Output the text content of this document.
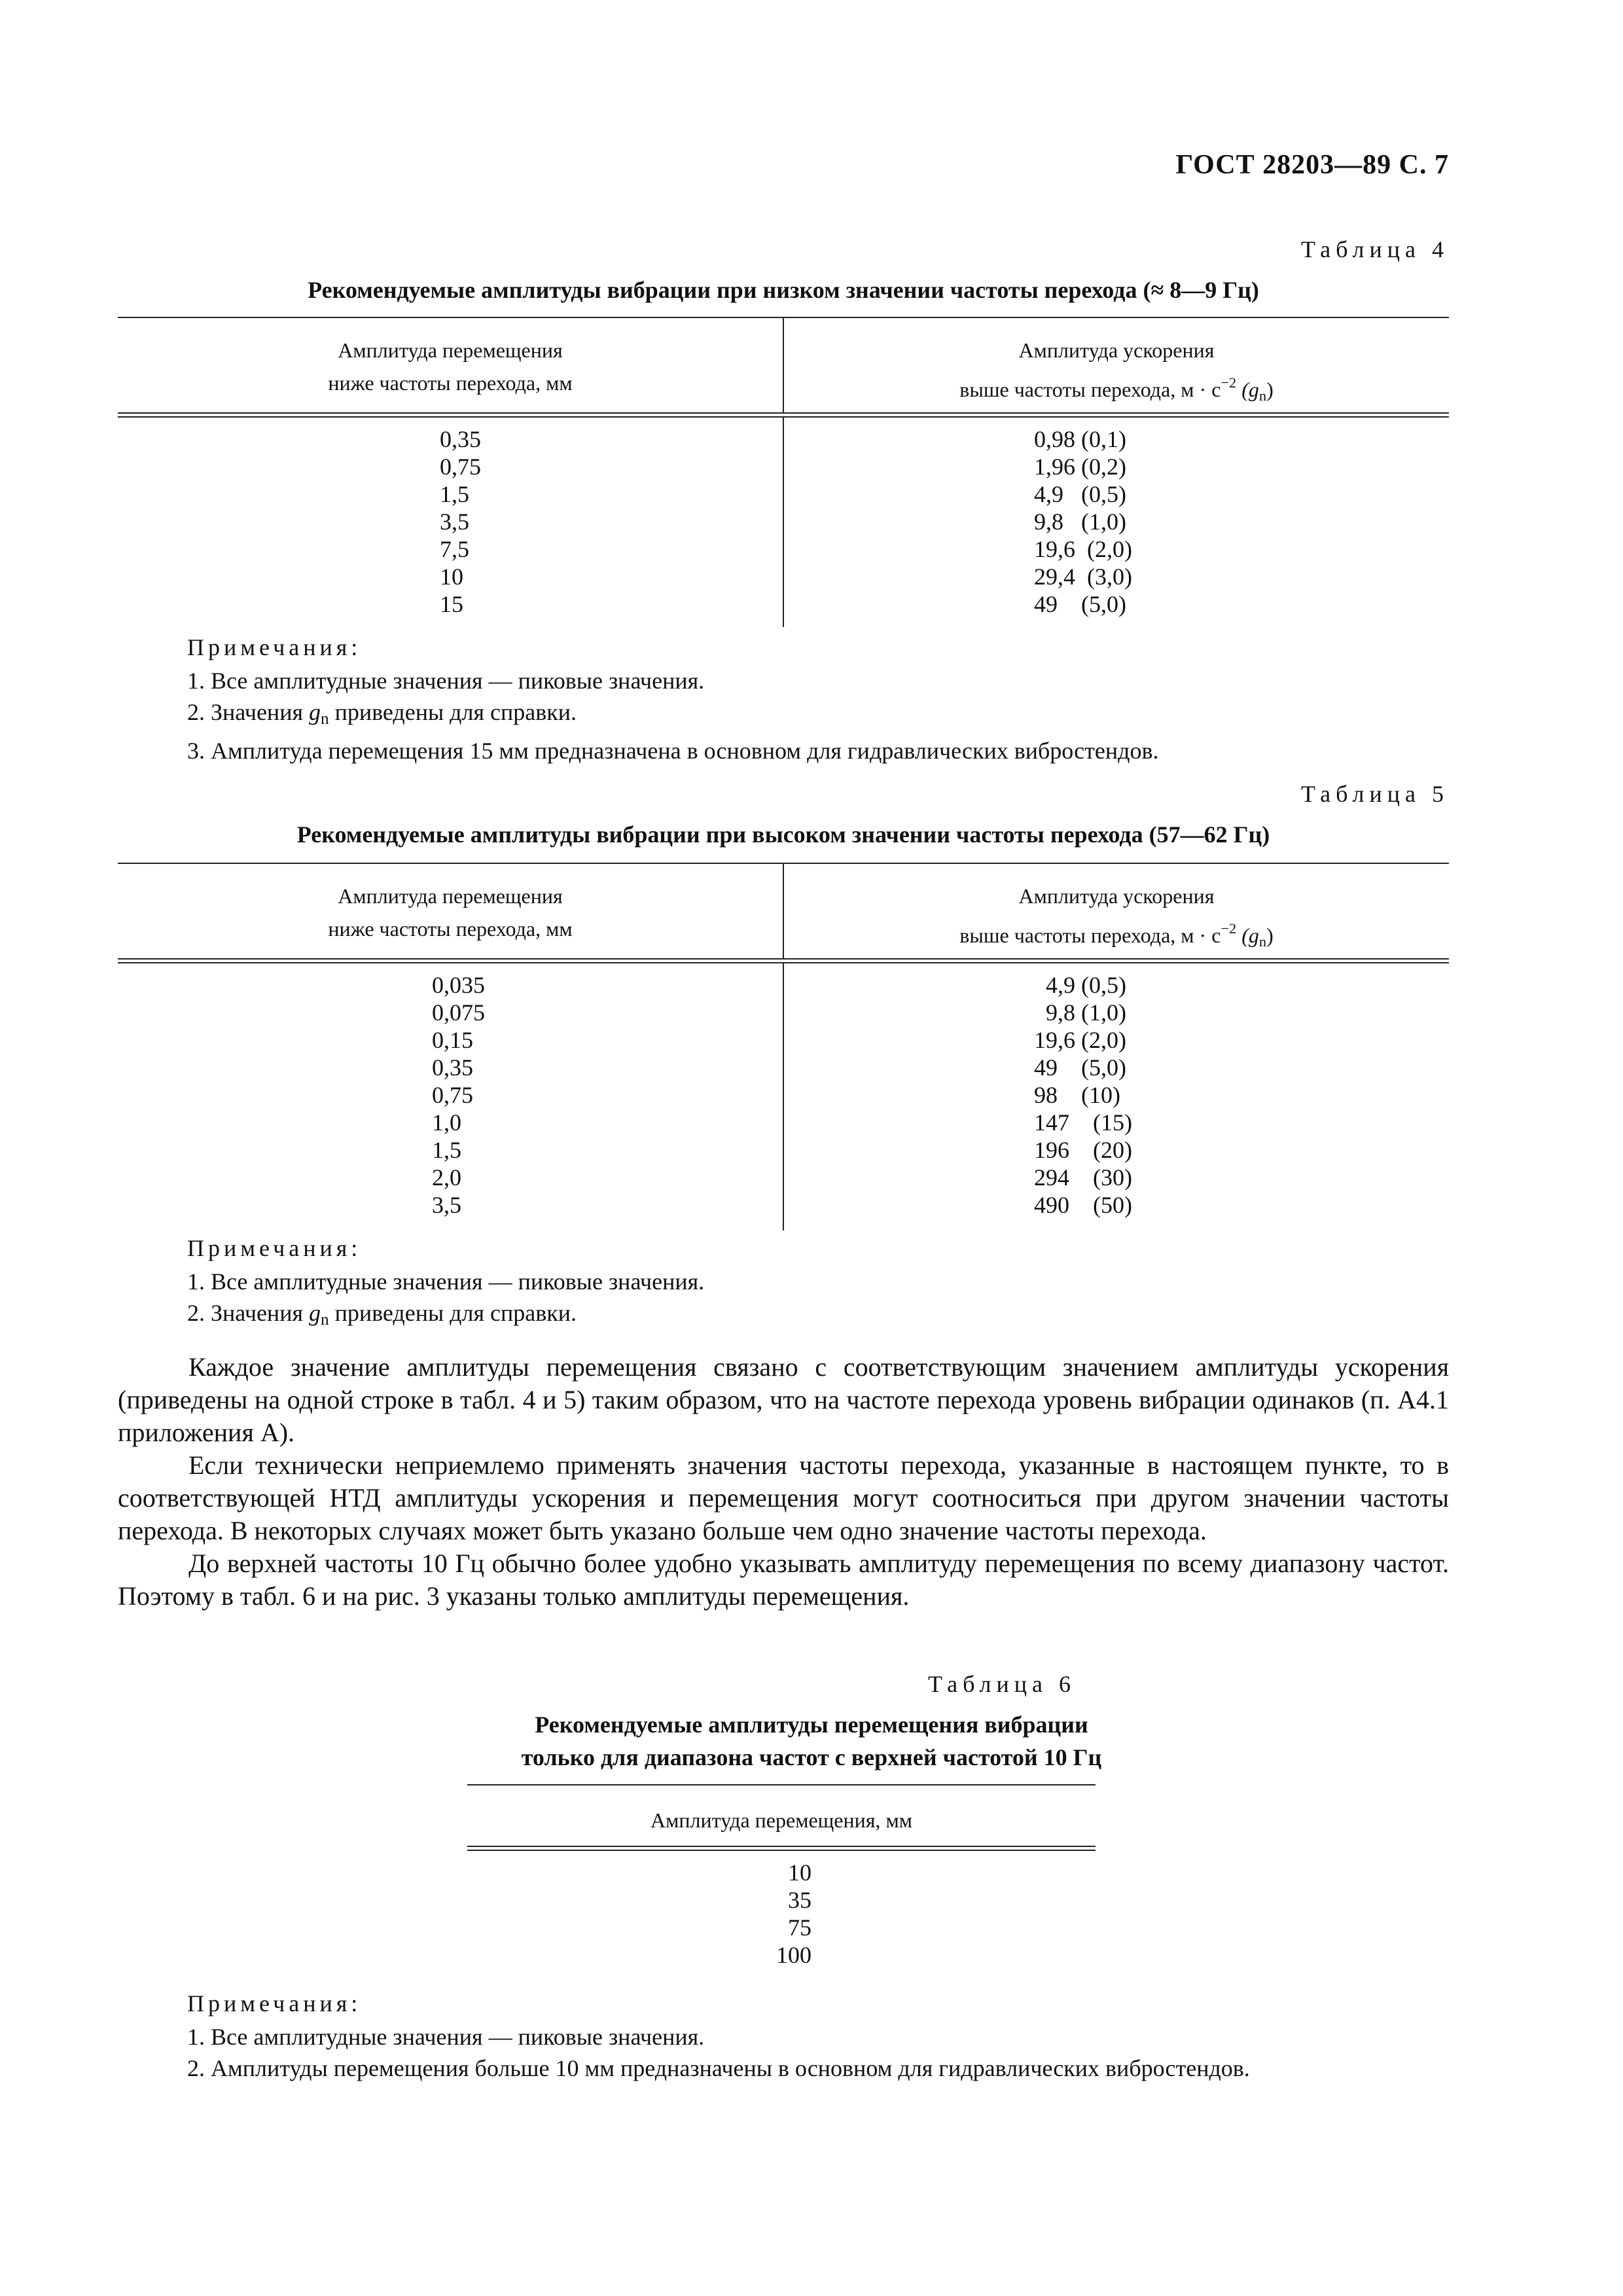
ГОСТ 28203—89 С. 7
Таблица 4
Рекомендуемые амплитуды вибрации при низком значении частоты перехода (≈ 8—9 Гц)
Амплитуда перемещения
ниже частоты перехода, мм
Амплитуда ускорения
выше частоты перехода, $м \cdot с^{-2}$ $(g_n)$
0,35
0,75
1,5
3,5
7,5
10
15
0,98 (0,1)
1,96 (0,2)
4,9   (0,5)
9,8   (1,0)
19,6  (2,0)
29,4  (3,0)
49    (5,0)
Примечания:
1. Все амплитудные значения — пиковые значения.
2. Значения $g_n$ приведены для справки.
3. Амплитуда перемещения 15 мм предназначена в основном для гидравлических вибростендов.
Таблица 5
Рекомендуемые амплитуды вибрации при высоком значении частоты перехода (57—62 Гц)
Амплитуда перемещения
ниже частоты перехода, мм
Амплитуда ускорения
выше частоты перехода, $м \cdot с^{-2}$ $(g_n)$
0,035
0,075
0,15
0,35
0,75
1,0
1,5
2,0
3,5
4,9 (0,5)
9,8 (1,0)
19,6 (2,0)
49    (5,0)
98    (10)
147    (15)
196    (20)
294    (30)
490    (50)
Примечания:
1. Все амплитудные значения — пиковые значения.
2. Значения $g_n$ приведены для справки.

Каждое значение амплитуды перемещения связано с соответствующим значением амплитуды ускорения (приведены на одной строке в табл. 4 и 5) таким образом, что на частоте перехода уровень вибрации одинаков (п. А4.1 приложения А).

Если технически неприемлемо применять значения частоты перехода, указанные в настоящем пункте, то в соответствующей НТД амплитуды ускорения и перемещения могут соотноситься при другом значении частоты перехода. В некоторых случаях может быть указано больше чем одно значение частоты перехода.

До верхней частоты 10 Гц обычно более удобно указывать амплитуду перемещения по всему диапазону частот. Поэтому в табл. 6 и на рис. 3 указаны только амплитуды перемещения.

Таблица 6
Рекомендуемые амплитуды перемещения вибрации
только для диапазона частот с верхней частотой 10 Гц
Амплитуда перемещения, мм
10
35
75
100
Примечания:
1. Все амплитудные значения — пиковые значения.
2. Амплитуды перемещения больше 10 мм предназначены в основном для гидравлических вибростендов.
